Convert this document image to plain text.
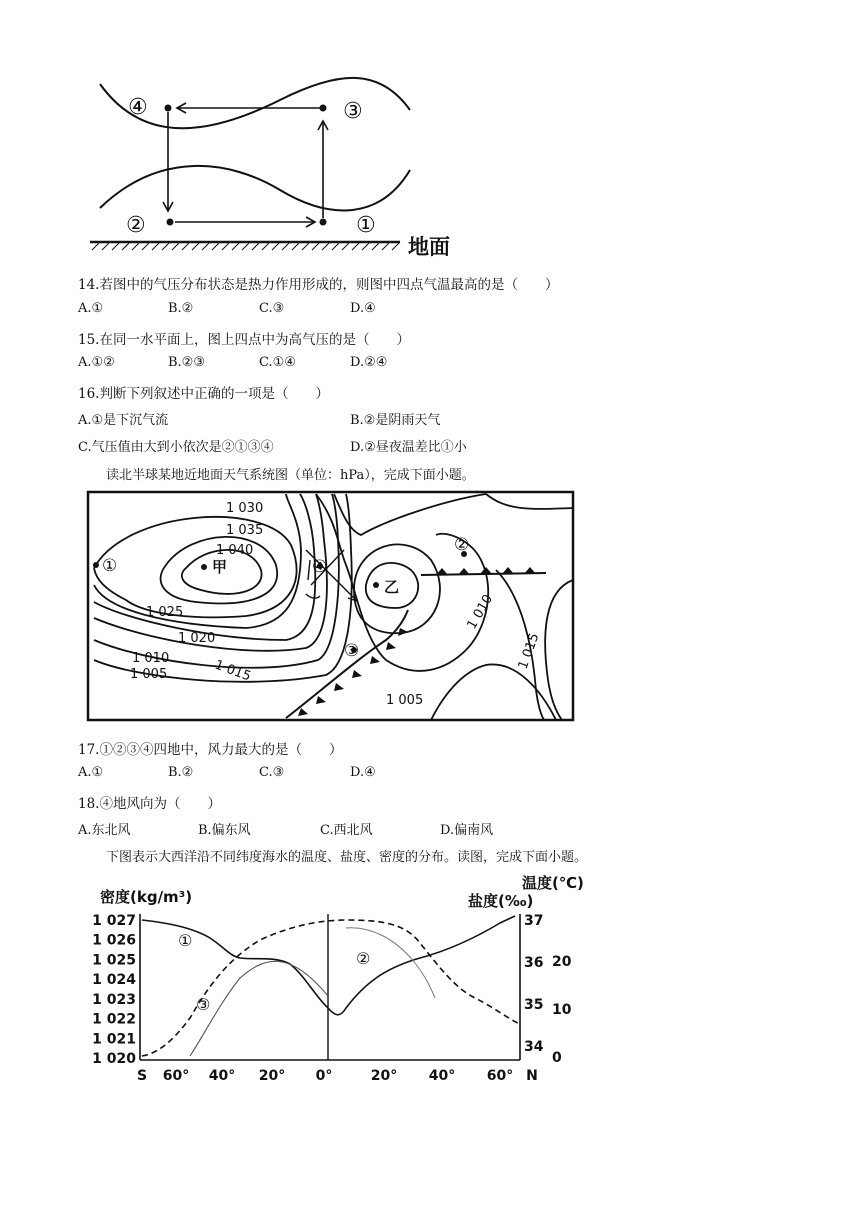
④	③
②	①
地面
14.若图中的气压分布状态是热力作用形成的，则图中四点气温最高的是（　　）
A.①	B.②	C.③	D.④
15.在同一水平面上，图上四点中为高气压的是（　　）
A.①②	B.②③	C.①④	D.②④
16.判断下列叙述中正确的一项是（　　）
A.①是下沉气流	B.②是阴雨天气
C.气压值由大到小依次是②①③④	D.②昼夜温差比①小
读北半球某地近地面天气系统图（单位：hPa），完成下面小题。
1 030
1 035
1 040
1 025
1 020
1 010
1 005	1 015
1 005
1 010
1 015
甲
乙
①
②
③
④
17.①②③④四地中，风力最大的是（　　）
A.①	B.②	C.③	D.④
18.④地风向为（　　）
A.东北风	B.偏东风	C.西北风	D.偏南风
下图表示大西洋沿不同纬度海水的温度、盐度、密度的分布。读图，完成下面小题。
密度(kg/m³)
温度(℃)
盐度(‰)
1 027
1 026
1 025
1 024
1 023
1 022
1 021
1 020
37
36
35
34
20
10
0
S 60° 40° 20° 0°	20° 40° 60° N
①
②
③
